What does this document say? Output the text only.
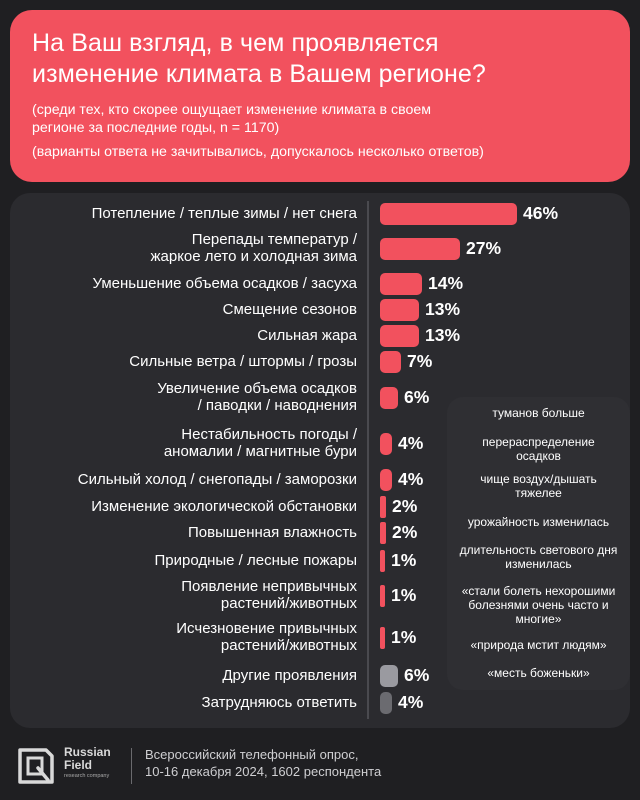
На Ваш взгляд, в чем проявляется
изменение климата в Вашем регионе?

(среди тех, кто скорее ощущает изменение климата в своем
регионе за последние годы, n = 1170)

(варианты ответа не зачитывались, допускалось несколько ответов)

Потепление / теплые зимы / нет снега	46%
Перепады температур /
жаркое лето и холодная зима	27%
Уменьшение объема осадков / засуха	14%
Смещение сезонов	13%
Сильная жара	13%
Сильные ветра / штормы / грозы	7%
Увеличение объема осадков
/ паводки / наводнения	6%
Нестабильность погоды /
аномалии / магнитные бури 4%
Сильный холод / снегопады / заморозки 4%
Изменение экологической обстановки 2%
Повышенная влажность 2%
Природные / лесные пожары 1%
Появление непривычных
растений/животных 1%
Исчезновение привычных
растений/животных 1%
Другие проявления	6%
Затрудняюсь ответить 4%
туманов больше
перераспределение осадков
чище воздух/дышать тяжелее
урожайность изменилась
длительность светового дня изменилась
«стали болеть нехорошими болезнями очень часто и многие»
«природа мстит людям»
«месть боженьки»
Russian
Field
research company
Всероссийский телефонный опрос,
10-16 декабря 2024, 1602 респондента
